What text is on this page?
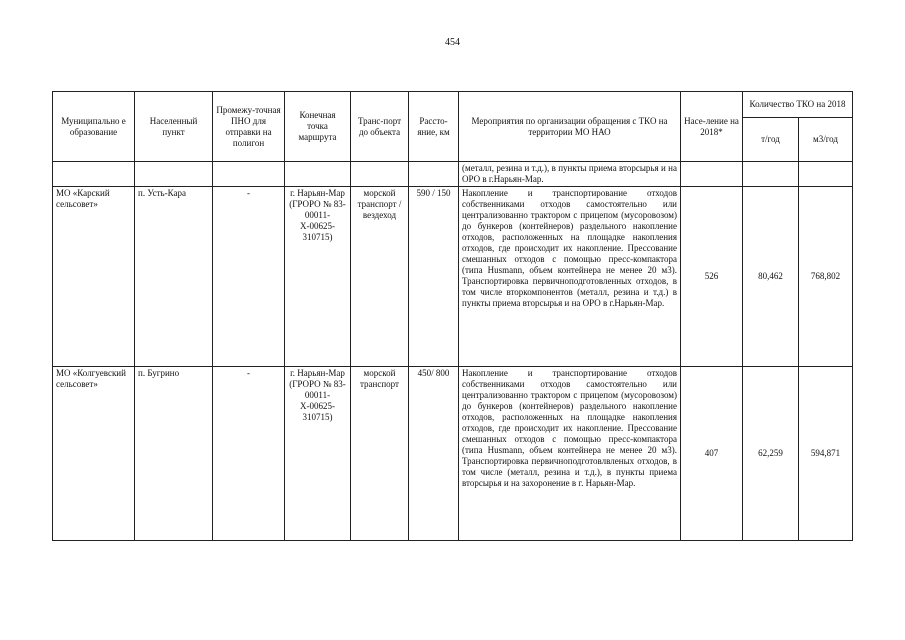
454
Муниципально е образование	Населенный пункт	Промежу-точная ПНО для отправки на полигон	Конечная точка маршрута	Транс-порт до объекта	Рассто-яние, км	Мероприятия по организации обращения с ТКО на территории МО НАО	Насе-ление на 2018*	Количество ТКО на 2018	
								т/год	м3/год
						(металл, резина и т.д.), в пункты приема вторсырья и на ОРО в г.Нарьян-Мар.			
МО «Карский сельсовет»	п. Усть-Кара	-	г. Нарьян-Мар (ГРОРО № 83-00011-Х-00625-310715)	морской транспорт / вездеход	590 / 150	Накопление и транспортирование отходов собственниками отходов самостоятельно или централизованно трактором с прицепом (мусоровозом) до бункеров (контейнеров) раздельного накопление отходов, расположенных на площадке накопления отходов, где происходит их накопление. Прессование смешанных отходов с помощью пресс-компактора (типа Husmann, объем контейнера не менее 20 м3). Транспортировка первичноподготовленных отходов, в том числе вторкомпонентов (металл, резина и т.д.) в пункты приема вторсырья и на ОРО в г.Нарьян-Мар.	526	80,462	768,802
МО «Колгуевский сельсовет»	п. Бугрино	-	г. Нарьян-Мар (ГРОРО № 83-00011-Х-00625-310715)	морской транспорт	450/ 800	Накопление и транспортирование отходов собственниками отходов самостоятельно или централизованно трактором с прицепом (мусоровозом) до бункеров (контейнеров) раздельного накопление отходов, расположенных на площадке накопления отходов, где происходит их накопление. Прессование смешанных отходов с помощью пресс-компактора (типа Husmann, объем контейнера не менее 20 м3). Транспортировка первичноподготовлвленых отходов, в том числе (металл, резина и т.д.), в пункты приема вторсырья и на захоронение в г. Нарьян-Мар.	407	62,259	594,871
